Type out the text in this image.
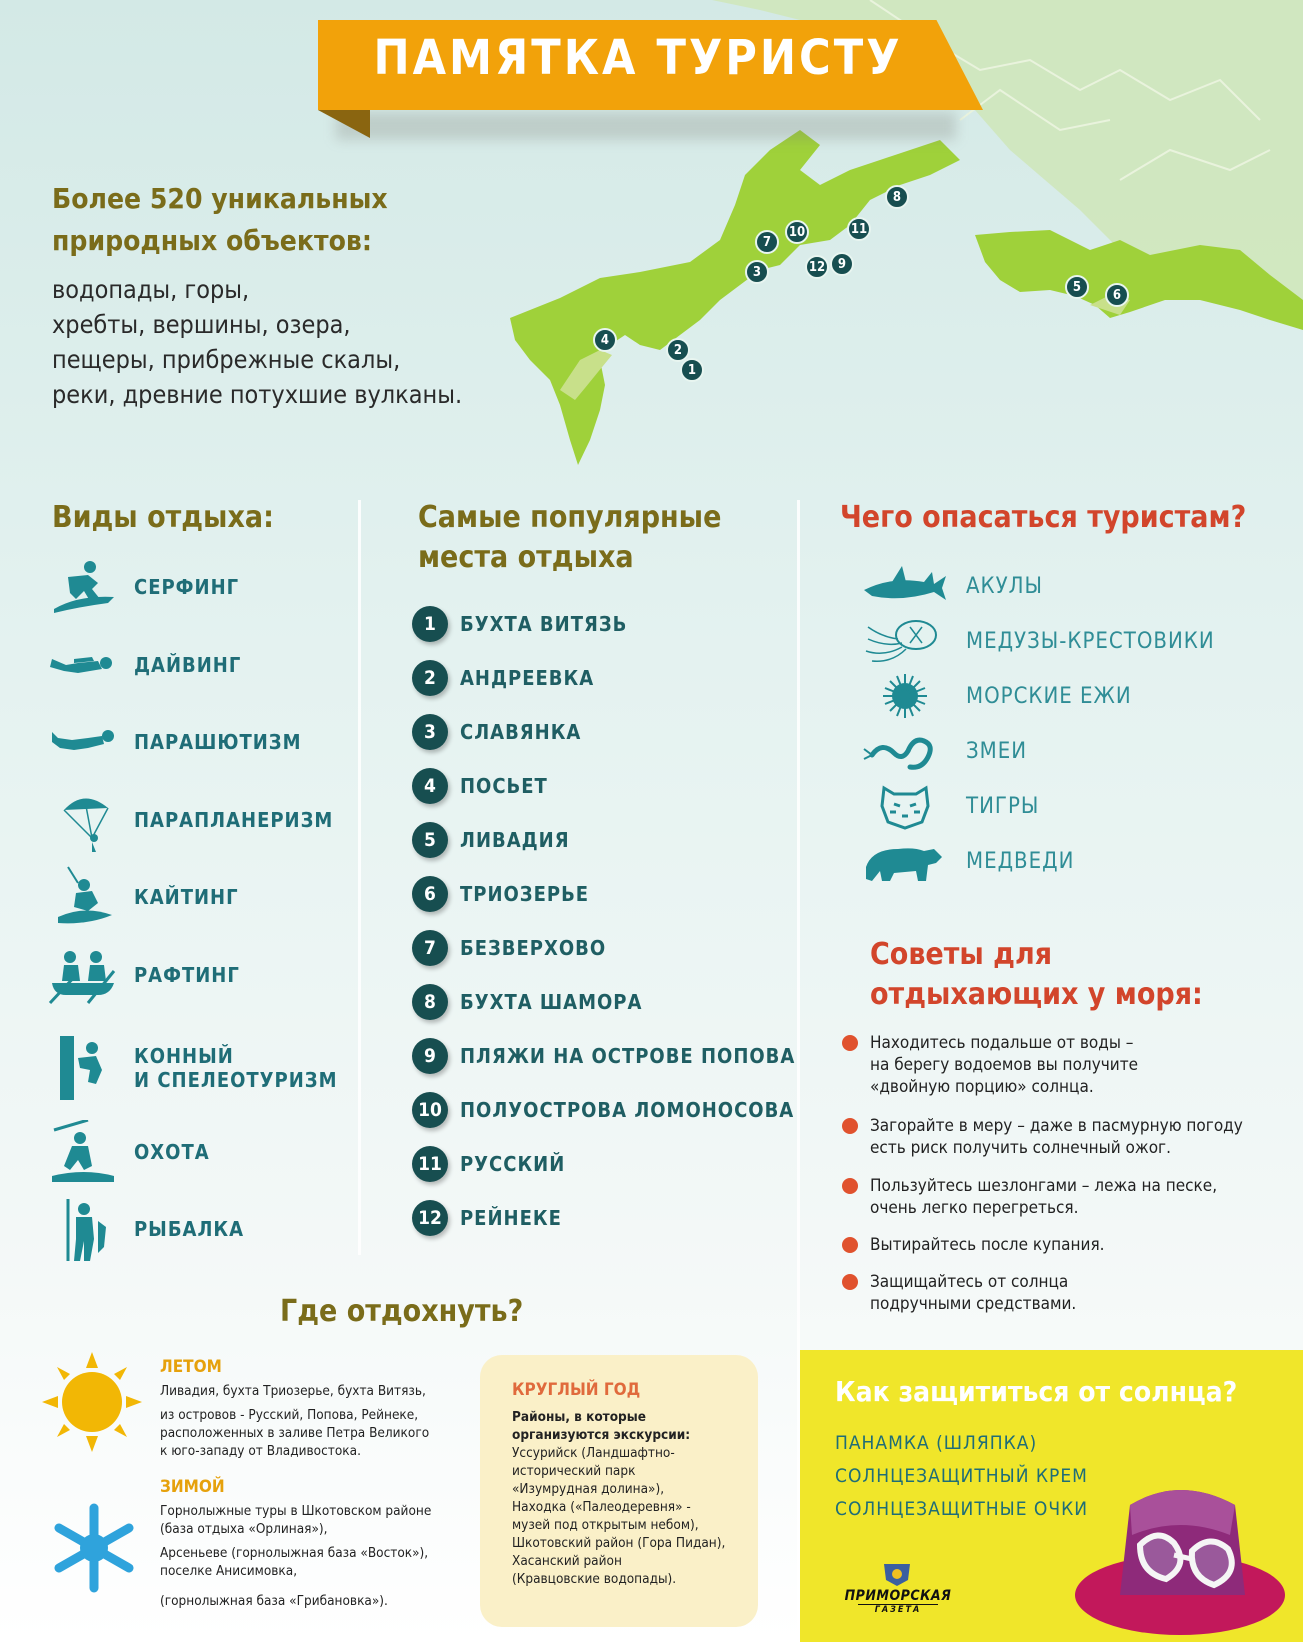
4
2
1
3
7
10	11
8
12 9
5
6
ПАМЯТКА ТУРИСТУ
Более 520 уникальных
природных объектов:
водопады, горы,
хребты, вершины, озера,
пещеры, прибрежные скалы,
реки, древние потухшие вулканы.
Виды отдыха:
СЕРФИНГ
ДАЙВИНГ
ПАРАШЮТИЗМ
ПАРАПЛАНЕРИЗМ
КАЙТИНГ
РАФТИНГ
КОННЫЙ
И СПЕЛЕОТУРИЗМ
ОХОТА
РЫБАЛКА
Самые популярные
места отдыха
1	БУХТА ВИТЯЗЬ
2	АНДРЕЕВКА
3	СЛАВЯНКА
4	ПОСЬЕТ
5	ЛИВАДИЯ
6	ТРИОЗЕРЬЕ
7	БЕЗВЕРХОВО
8	БУХТА ШАМОРА
9	ПЛЯЖИ НА ОСТРОВЕ ПОПОВА
10 ПОЛУОСТРОВА ЛОМОНОСОВА
11 РУССКИЙ
12 РЕЙНЕКЕ
Чего опасаться туристам?
АКУЛЫ
МЕДУЗЫ-КРЕСТОВИКИ
МОРСКИЕ ЕЖИ
ЗМЕИ
ТИГРЫ
МЕДВЕДИ
Советы для
отдыхающих у моря:
Находитесь подальше от воды –
на берегу водоемов вы получите
«двойную порцию» солнца.
Загорайте в меру – даже в пасмурную погоду
есть риск получить солнечный ожог.
Пользуйтесь шезлонгами – лежа на песке,
очень легко перегреться.
Вытирайтесь после купания.
Защищайтесь от солнца
подручными средствами.
Где отдохнуть?
ЛЕТОМ
Ливадия, бухта Триозерье, бухта Витязь,
из островов - Русский, Попова, Рейнеке,
расположенных в заливе Петра Великого
к юго-западу от Владивостока.
ЗИМОЙ
Горнолыжные туры в Шкотовском районе
(база отдыха «Орлиная»),
Арсеньеве (горнолыжная база «Восток»),
поселке Анисимовка,
(горнолыжная база «Грибановка»).
КРУГЛЫЙ ГОД
Районы, в которые
организуются экскурсии:
Уссурийск (Ландшафтно-
исторический парк
«Изумрудная долина»),
Находка («Палеодеревня» -
музей под открытым небом),
Шкотовский район (Гора Пидан),
Хасанский район
(Кравцовские водопады).
Как защититься от солнца?
ПАНАМКА (ШЛЯПКА)
СОЛНЦЕЗАЩИТНЫЙ КРЕМ
СОЛНЦЕЗАЩИТНЫЕ ОЧКИ
ПРИМОРСКАЯ
ГАЗЕТА
